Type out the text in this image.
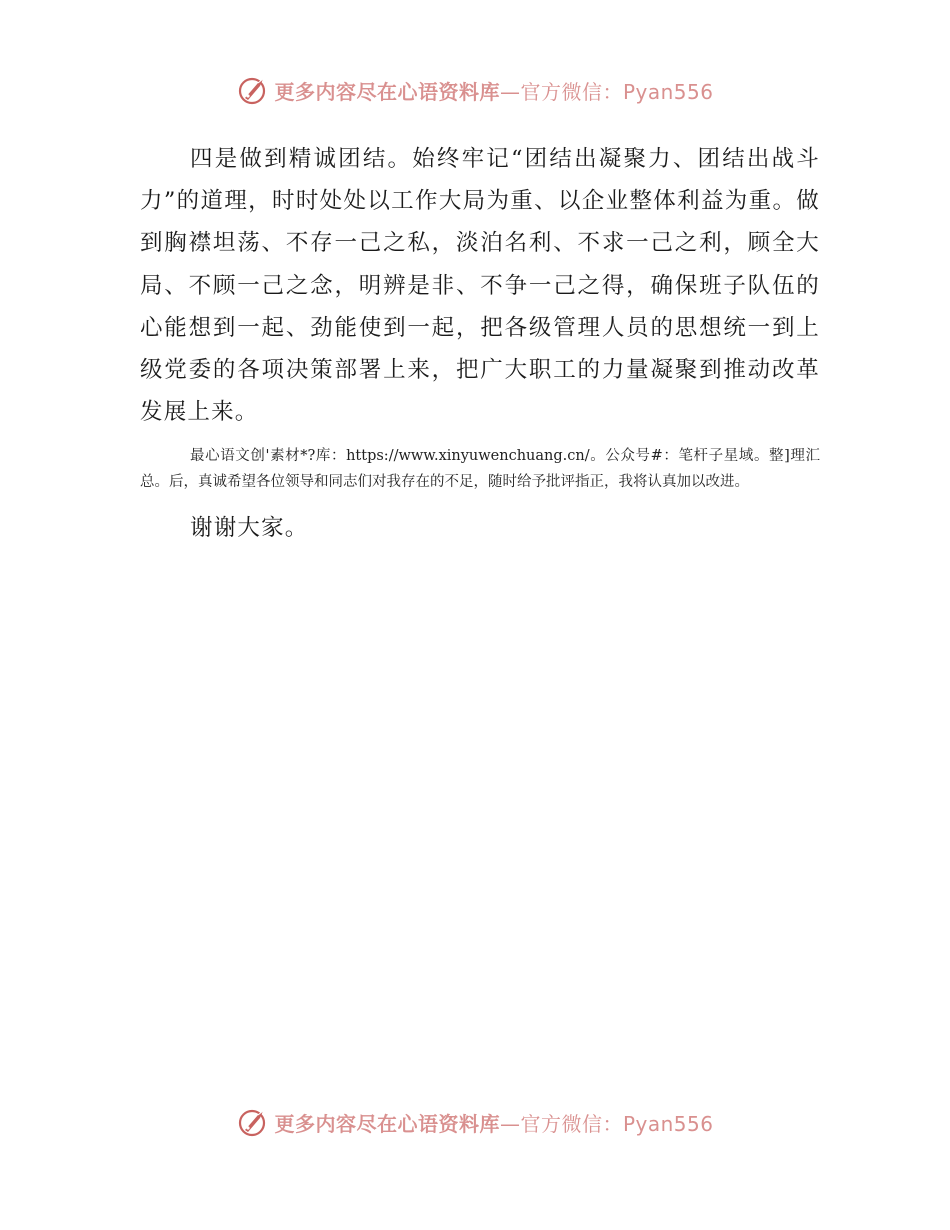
更多内容尽在心语资料库—官方微信：Pyan556

四是做到精诚团结。始终牢记“团结出凝聚力、团结出战斗力”的道理，时时处处以工作大局为重、以企业整体利益为重。做到胸襟坦荡、不存一己之私，淡泊名利、不求一己之利，顾全大局、不顾一己之念，明辨是非、不争一己之得，确保班子队伍的心能想到一起、劲能使到一起，把各级管理人员的思想统一到上级党委的各项决策部署上来，把广大职工的力量凝聚到推动改革发展上来。

最心语文创'素材*?库：https://www.xinyuwenchuang.cn/。公众号#：笔杆子星域。整]理汇总。后，真诚希望各位领导和同志们对我存在的不足，随时给予批评指正，我将认真加以改进。

谢谢大家。

更多内容尽在心语资料库—官方微信：Pyan556
